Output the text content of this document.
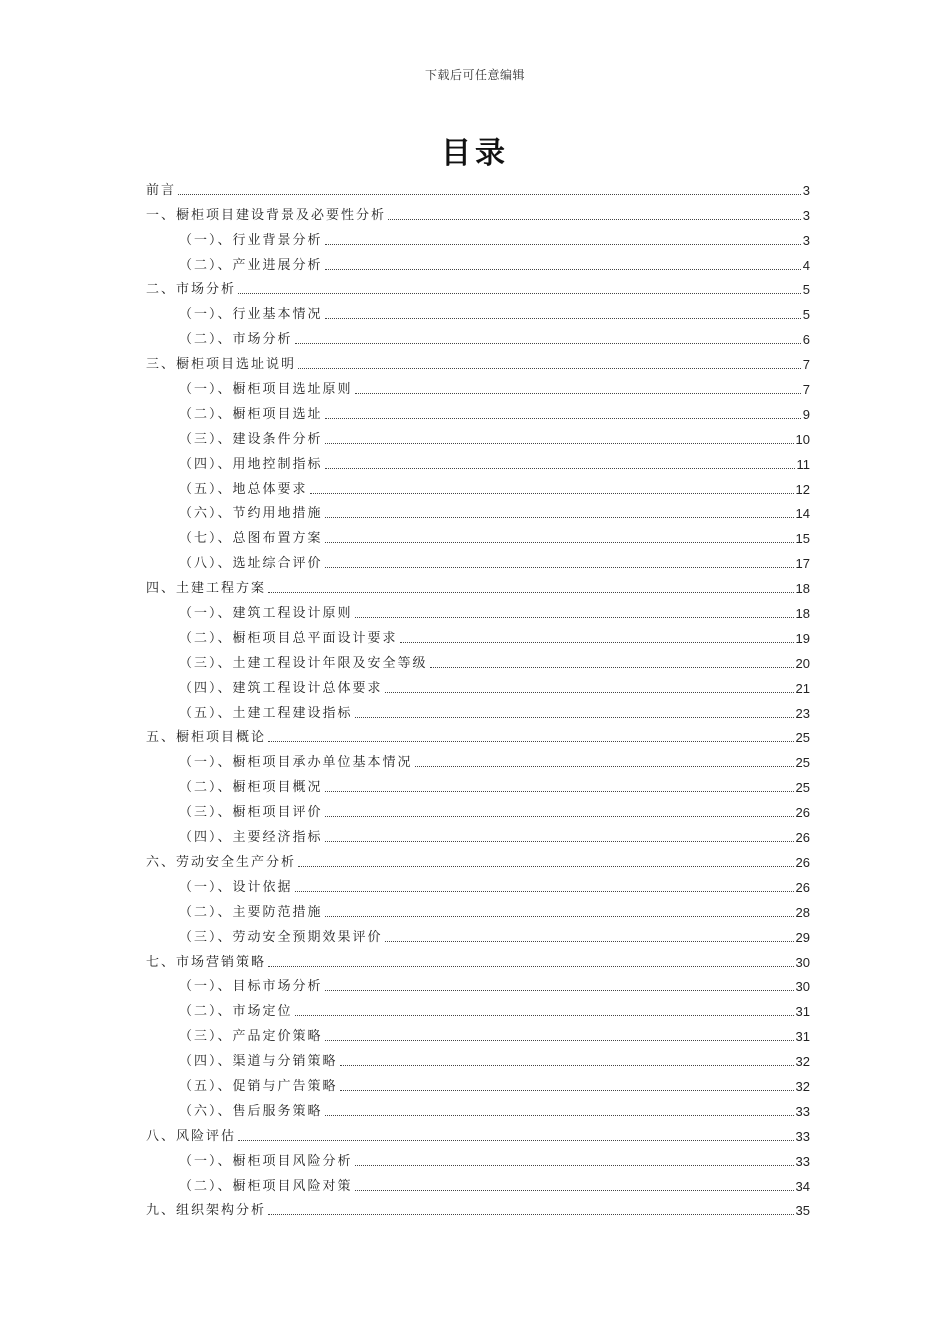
下载后可任意编辑
目录
前言	3
一、橱柜项目建设背景及必要性分析	3
（一）、行业背景分析	3
（二）、产业进展分析	4
二、市场分析	5
（一）、行业基本情况	5
（二）、市场分析	6
三、橱柜项目选址说明	7
（一）、橱柜项目选址原则	7
（二）、橱柜项目选址	9
（三）、建设条件分析	10
（四）、用地控制指标	11
（五）、地总体要求	12
（六）、节约用地措施	14
（七）、总图布置方案	15
（八）、选址综合评价	17
四、土建工程方案	18
（一）、建筑工程设计原则	18
（二）、橱柜项目总平面设计要求	19
（三）、土建工程设计年限及安全等级	20
（四）、建筑工程设计总体要求	21
（五）、土建工程建设指标	23
五、橱柜项目概论	25
（一）、橱柜项目承办单位基本情况	25
（二）、橱柜项目概况	25
（三）、橱柜项目评价	26
（四）、主要经济指标	26
六、劳动安全生产分析	26
（一）、设计依据	26
（二）、主要防范措施	28
（三）、劳动安全预期效果评价	29
七、市场营销策略	30
（一）、目标市场分析	30
（二）、市场定位	31
（三）、产品定价策略	31
（四）、渠道与分销策略	32
（五）、促销与广告策略	32
（六）、售后服务策略	33
八、风险评估	33
（一）、橱柜项目风险分析	33
（二）、橱柜项目风险对策	34
九、组织架构分析	35
